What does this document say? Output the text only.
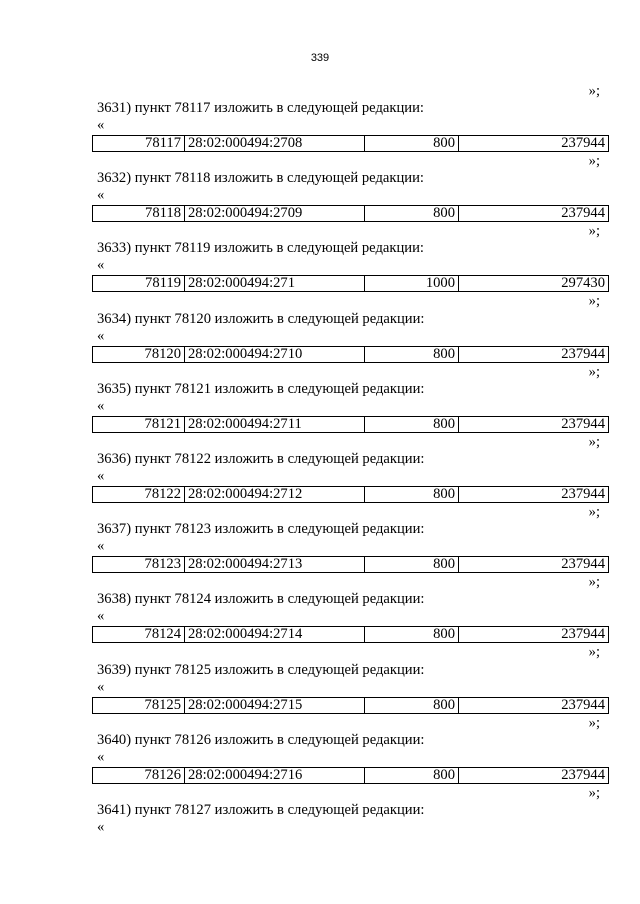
339
»;
3631) пункт 78117 изложить в следующей редакции:
«
78117 28:02:000494:2708	800	237944
»;
3632) пункт 78118 изложить в следующей редакции:
«
78118 28:02:000494:2709	800	237944
»;
3633) пункт 78119 изложить в следующей редакции:
«
78119 28:02:000494:271	1000	297430
»;
3634) пункт 78120 изложить в следующей редакции:
«
78120 28:02:000494:2710	800	237944
»;
3635) пункт 78121 изложить в следующей редакции:
«
78121 28:02:000494:2711	800	237944
»;
3636) пункт 78122 изложить в следующей редакции:
«
78122 28:02:000494:2712	800	237944
»;
3637) пункт 78123 изложить в следующей редакции:
«
78123 28:02:000494:2713	800	237944
»;
3638) пункт 78124 изложить в следующей редакции:
«
78124 28:02:000494:2714	800	237944
»;
3639) пункт 78125 изложить в следующей редакции:
«
78125 28:02:000494:2715	800	237944
»;
3640) пункт 78126 изложить в следующей редакции:
«
78126 28:02:000494:2716	800	237944
»;
3641) пункт 78127 изложить в следующей редакции:
«
